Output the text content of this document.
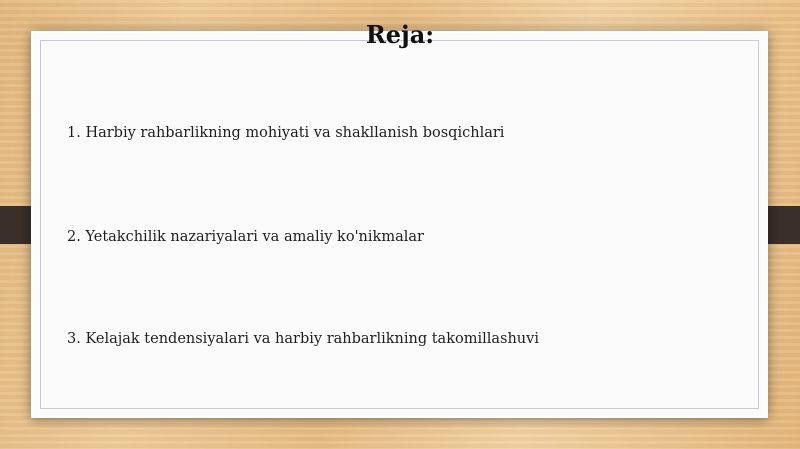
Reja:

1. Harbiy rahbarlikning mohiyati va shakllanish bosqichlari

2. Yetakchilik nazariyalari va amaliy ko'nikmalar

3. Kelajak tendensiyalari va harbiy rahbarlikning takomillashuvi
